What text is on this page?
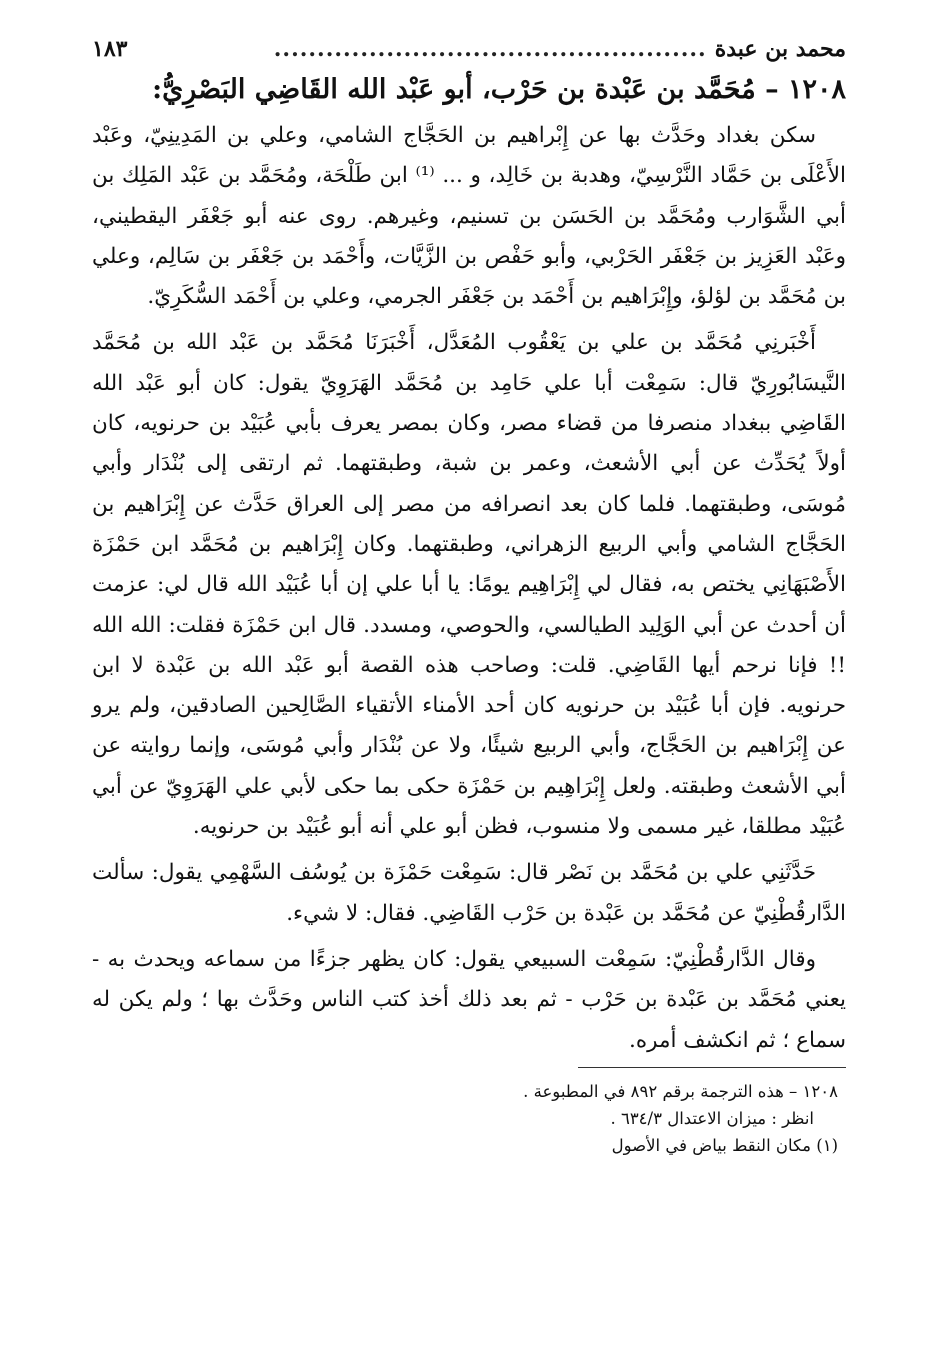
محمد بن عبدة
..................................................
١٨٣
١٢٠٨ – مُحَمَّد بن عَبْدة بن حَرْب، أبو عَبْد الله القَاضِي البَصْرِيُّ:

سكن بغداد وحَدَّث بها عن إِبْراهيم بن الحَجَّاج الشامي، وعلي بن المَدِينِيّ، وعَبْد الأَعْلَى بن حَمَّاد النَّرْسِيّ، وهدبة بن خَالِد، و ... ⁽¹⁾ ابن طَلْحَة، ومُحَمَّد بن عَبْد المَلِك بن أبي الشَّوَارب ومُحَمَّد بن الحَسَن بن تسنيم، وغيرهم. روى عنه أبو جَعْفَر اليقطيني، وعَبْد العَزِيز بن جَعْفَر الحَرْبي، وأبو حَفْص بن الزَّيَّات، وأَحْمَد بن جَعْفَر بن سَالِم، وعلي بن مُحَمَّد بن لؤلؤ، وإِبْرَاهيم بن أَحْمَد بن جَعْفَر الجرمي، وعلي بن أَحْمَد السُّكَرِيّ.

أَخْبَرنِي مُحَمَّد بن علي بن يَعْقُوب المُعَدَّل، أَخْبَرَنَا مُحَمَّد بن عَبْد الله بن مُحَمَّد النَّيسَابُورِيّ قال: سَمِعْت أبا علي حَامِد بن مُحَمَّد الهَرَوِيّ يقول: كان أبو عَبْد الله القَاضِي ببغداد منصرفا من قضاء مصر، وكان بمصر يعرف بأبي عُبَيْد بن حرنويه، كان أولاً يُحَدِّث عن أبي الأشعث، وعمر بن شبة، وطبقتهما. ثم ارتقى إلى بُنْدَار وأبي مُوسَى، وطبقتهما. فلما كان بعد انصرافه من مصر إلى العراق حَدَّث عن إِبْرَاهيم بن الحَجَّاج الشامي وأبي الربيع الزهراني، وطبقتهما. وكان إِبْرَاهيم بن مُحَمَّد ابن حَمْزَة الأَصْبَهَانِي يختص به، فقال لي إِبْرَاهِيم يومًا: يا أبا علي إن أبا عُبَيْد الله قال لي: عزمت أن أحدث عن أبي الوَلِيد الطيالسي، والحوصي، ومسدد. قال ابن حَمْزَة فقلت: الله الله !! فإنا نرحم أيها القَاضِي. قلت: وصاحب هذه القصة أبو عَبْد الله بن عَبْدة لا ابن حرنويه. فإن أبا عُبَيْد بن حرنويه كان أحد الأمناء الأتقياء الصَّالِحين الصادقين، ولم يرو عن إِبْرَاهيم بن الحَجَّاج، وأبي الربيع شيئًا، ولا عن بُنْدَار وأبي مُوسَى، وإنما روايته عن أبي الأشعث وطبقته. ولعل إِبْرَاهِيم بن حَمْزَة حكى بما حكى لأبي علي الهَرَوِيّ عن أبي عُبَيْد مطلقا، غير مسمى ولا منسوب، فظن أبو علي أنه أبو عُبَيْد بن حرنويه.

حَدَّثَنِي علي بن مُحَمَّد بن نَصْر قال: سَمِعْت حَمْزَة بن يُوسُف السَّهْمِي يقول: سألت الدَّارقُطْنِيّ عن مُحَمَّد بن عَبْدة بن حَرْب القَاضِي. فقال: لا شيء.

وقال الدَّارقُطْنِيّ: سَمِعْت السبيعي يقول: كان يظهر جزءًا من سماعه ويحدث به - يعني مُحَمَّد بن عَبْدة بن حَرْب - ثم بعد ذلك أخذ كتب الناس وحَدَّث بها ؛ ولم يكن له سماع ؛ ثم انكشف أمره.

١٢٠٨ – هذه الترجمة برقم ٨٩٢ في المطبوعة .

انظر : ميزان الاعتدال ٦٣٤/٣ .

(١) مكان النقط بياض في الأصول
